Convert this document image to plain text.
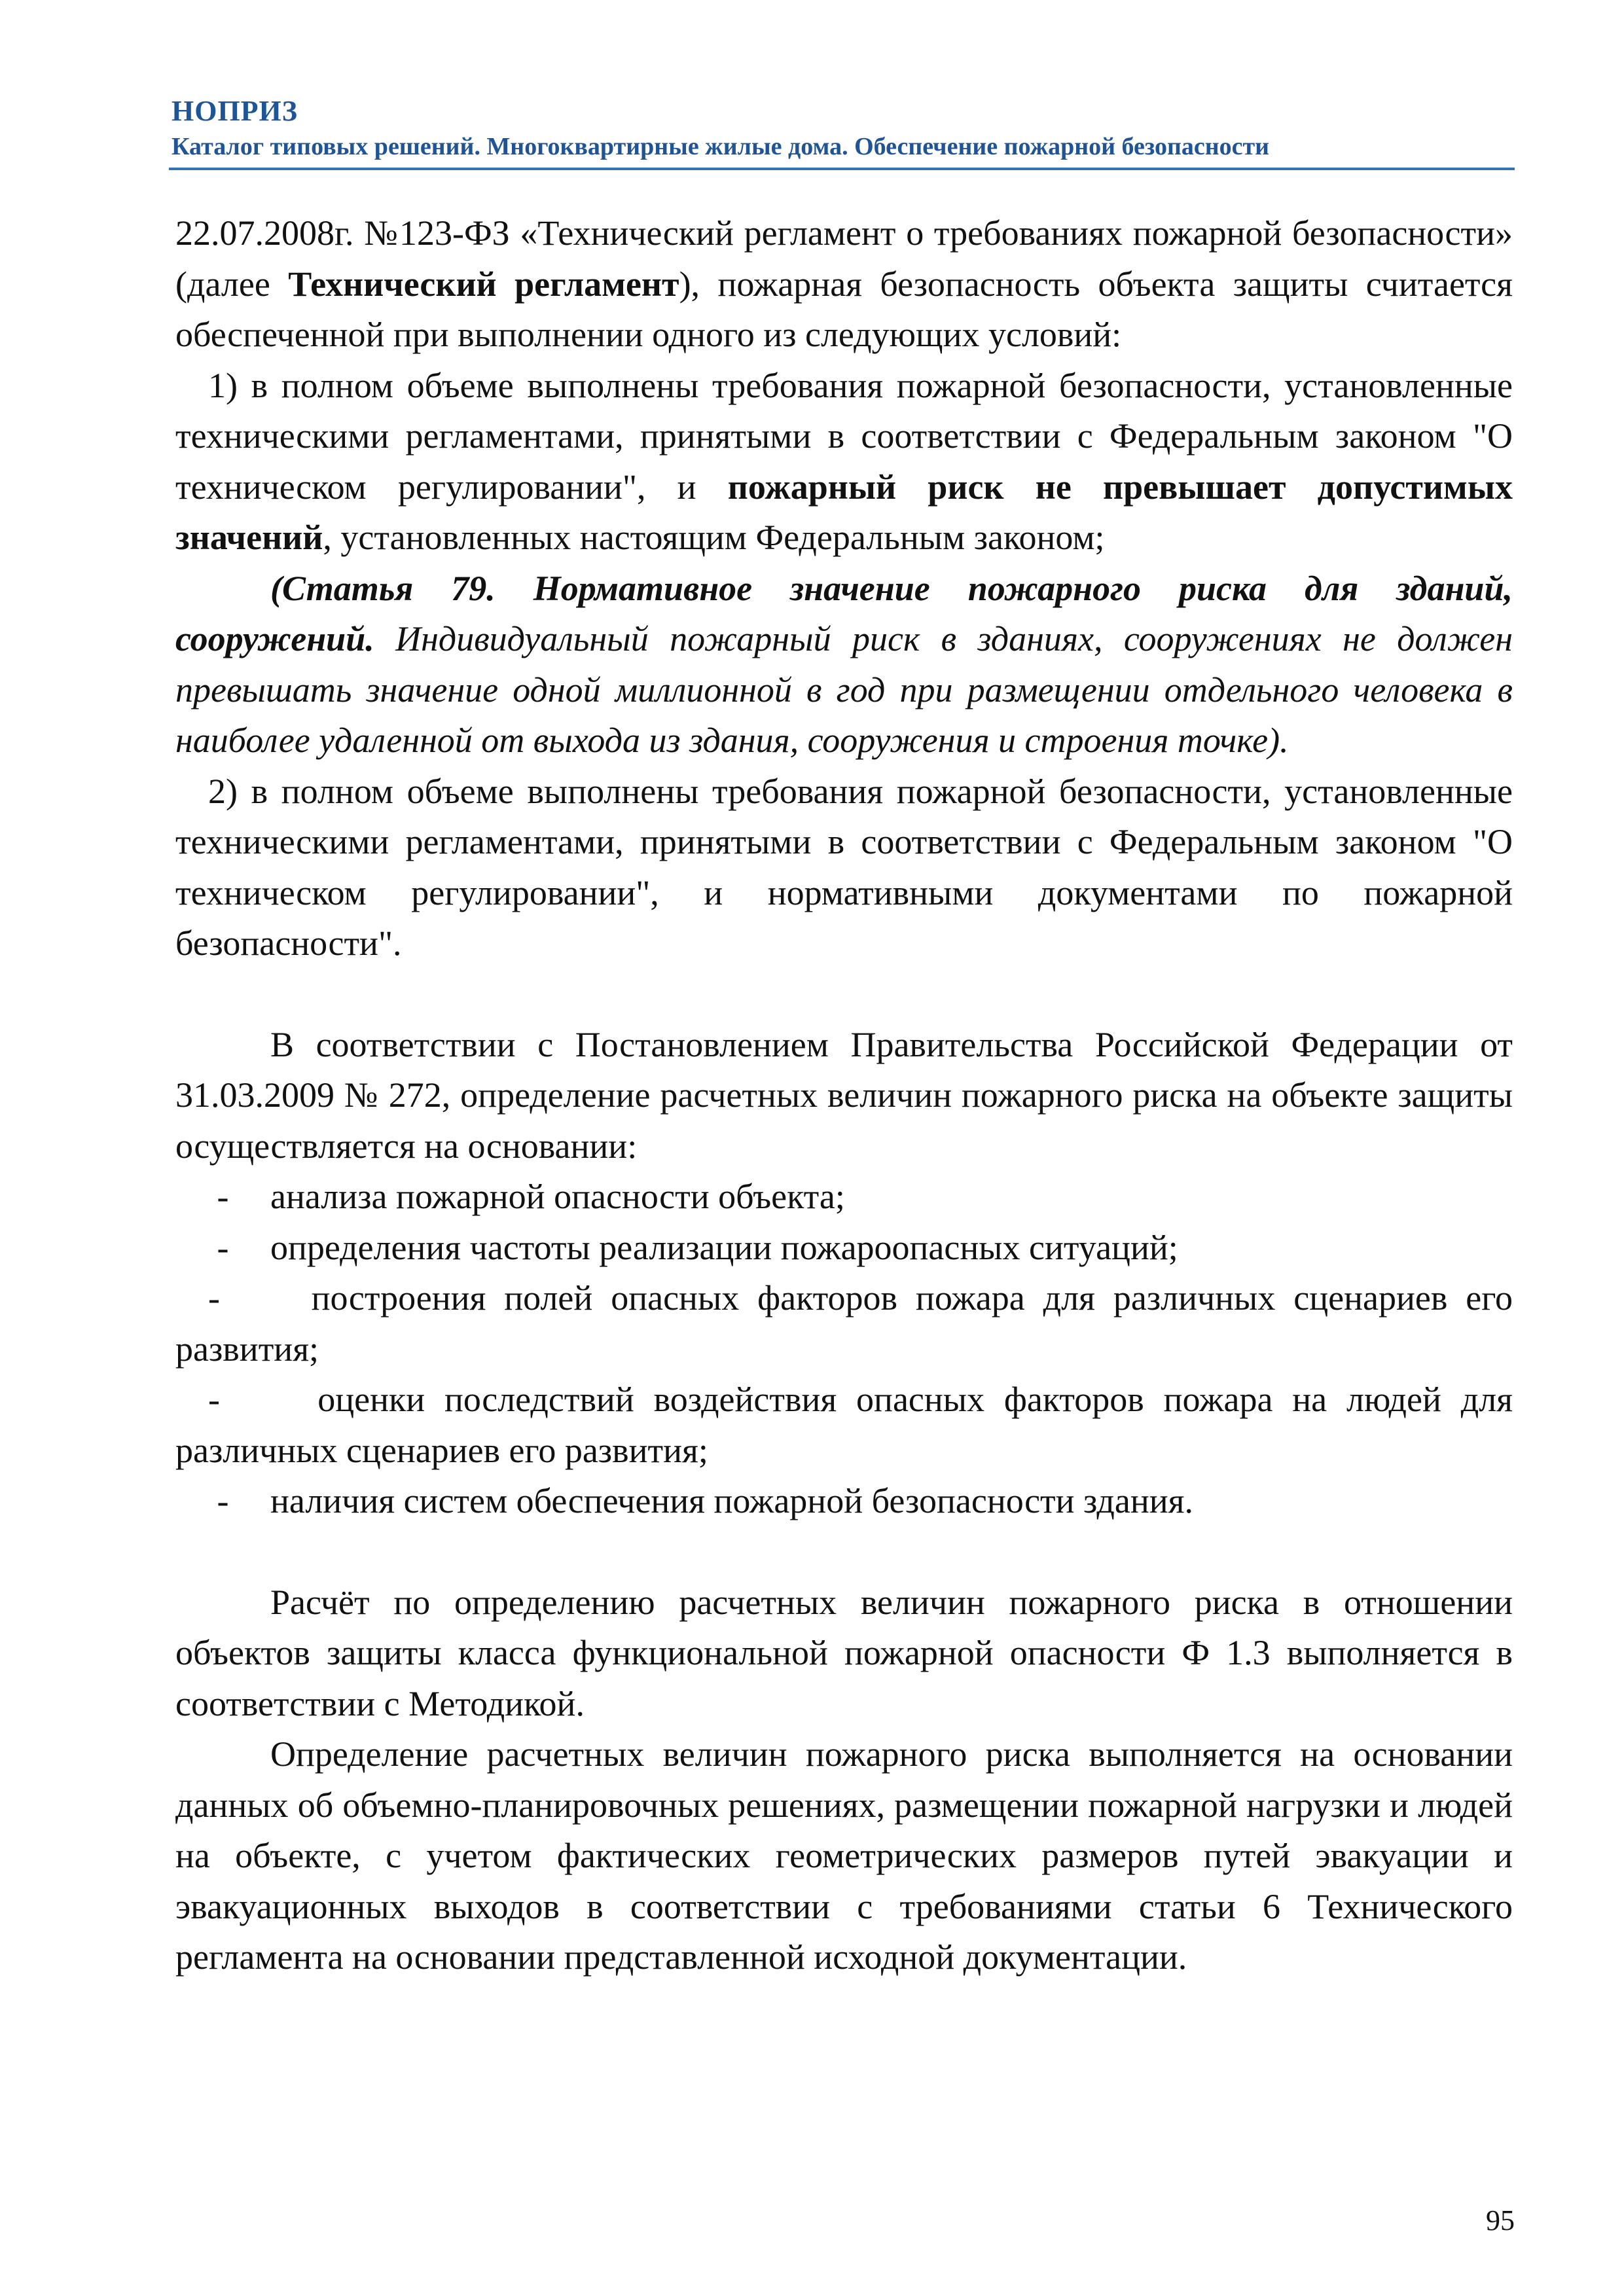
НОПРИЗ
Каталог типовых решений. Многоквартирные жилые дома. Обеспечение пожарной безопасности

22.07.2008г. №123-ФЗ «Технический регламент о требованиях пожарной безопасности» (далее Технический регламент), пожарная безопасность объекта защиты считается обеспеченной при выполнении одного из следующих условий:

1) в полном объеме выполнены требования пожарной безопасности, установленные техническими регламентами, принятыми в соответствии с Федеральным законом "О техническом регулировании", и пожарный риск не превышает допустимых значений, установленных настоящим Федеральным законом;

(Статья 79. Нормативное значение пожарного риска для зданий, сооружений. Индивидуальный пожарный риск в зданиях, сооружениях не должен превышать значение одной миллионной в год при размещении отдельного человека в наиболее удаленной от выхода из здания, сооружения и строения точке).

2) в полном объеме выполнены требования пожарной безопасности, установленные техническими регламентами, принятыми в соответствии с Федеральным законом "О техническом регулировании", и нормативными документами по пожарной безопасности".

В соответствии с Постановлением Правительства Российской Федерации от 31.03.2009 № 272, определение расчетных величин пожарного риска на объекте защиты осуществляется на основании:

-	анализа пожарной опасности объекта;
-	определения частоты реализации пожароопасных ситуаций;

-	построения полей опасных факторов пожара для различных сценариев его развития;

-	оценки последствий воздействия опасных факторов пожара на людей для различных сценариев его развития;

-	наличия систем обеспечения пожарной безопасности здания.

Расчёт по определению расчетных величин пожарного риска в отношении объектов защиты класса функциональной пожарной опасности Ф 1.3 выполняется в соответствии с Методикой.

Определение расчетных величин пожарного риска выполняется на основании данных об объемно-планировочных решениях, размещении пожарной нагрузки и людей на объекте, с учетом фактических геометрических размеров путей эвакуации и эвакуационных выходов в соответствии с требованиями статьи 6 Технического регламента на основании представленной исходной документации.

95
